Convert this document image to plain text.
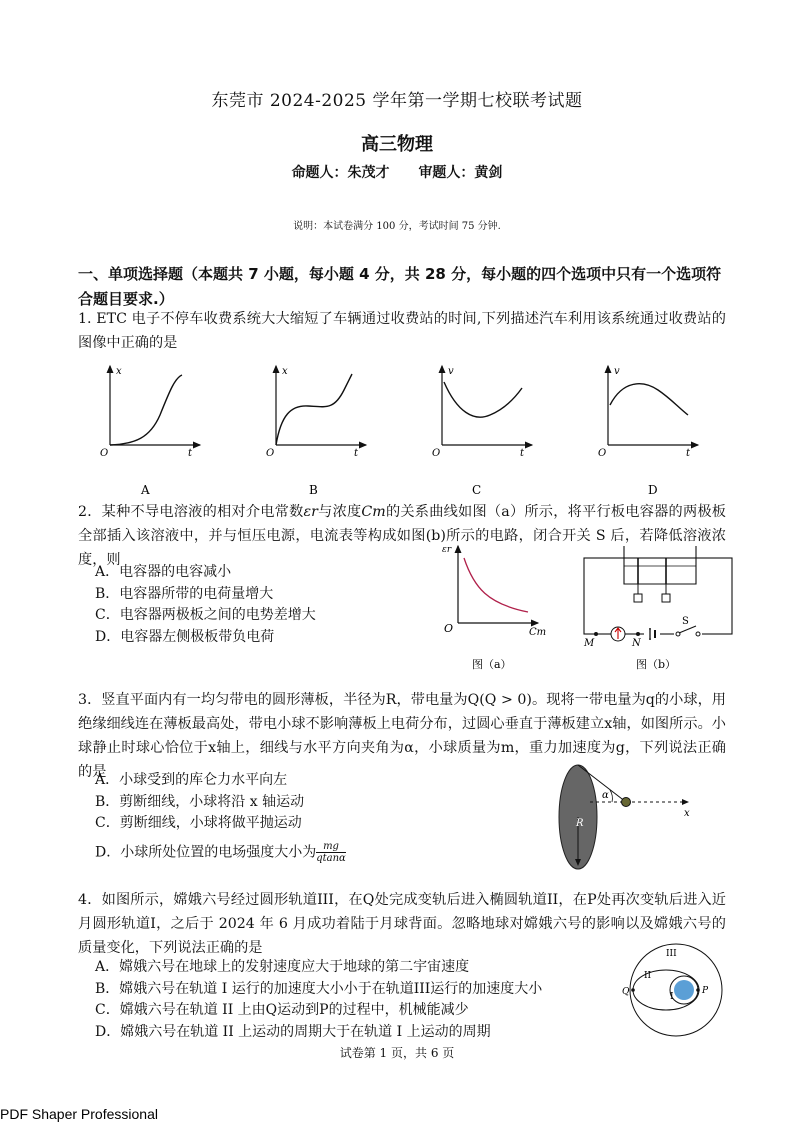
东莞市 2024-2025 学年第一学期七校联考试题
高三物理
命题人：朱茂才 审题人：黄剑
说明：本试卷满分 100 分，考试时间 75 分钟.
一、单项选择题（本题共 7 小题，每小题 4 分，共 28 分，每小题的四个选项中只有一个选项符合题目要求.）
1. ETC 电子不停车收费系统大大缩短了车辆通过收费站的时间,下列描述汽车利用该系统通过收费站的图像中正确的是
x
t
O
A
x
t
O
B
v
t
O
C
v
t
O
D
2．某种不导电溶液的相对介电常数εr与浓度Cm的关系曲线如图（a）所示，将平行板电容器的两极板全部插入该溶液中，并与恒压电源，电流表等构成如图(b)所示的电路，闭合开关 S 后，若降低溶液浓度，则
A．电容器的电容减小
B．电容器所带的电荷量增大
C．电容器两极板之间的电势差增大
D．电容器左侧极板带负电荷
εr
O	Cm
图（a）
M	N
S
图（b）
3．竖直平面内有一均匀带电的圆形薄板，半径为R，带电量为Q(Q > 0)。现将一带电量为q的小球，用绝缘细线连在薄板最高处，带电小球不影响薄板上电荷分布，过圆心垂直于薄板建立x轴，如图所示。小球静止时球心恰位于x轴上，细线与水平方向夹角为α，小球质量为m，重力加速度为g，下列说法正确的是
A．小球受到的库仑力水平向左
B．剪断细线，小球将沿 x 轴运动
C．剪断细线，小球将做平抛运动
D．小球所处位置的电场强度大小为 $\frac{mg}{qtan\alpha}$
α
R
x
4．如图所示，嫦娥六号经过圆形轨道III，在Q处完成变轨后进入椭圆轨道II，在P处再次变轨后进入近月圆形轨道I，之后于 2024 年 6 月成功着陆于月球背面。忽略地球对嫦娥六号的影响以及嫦娥六号的质量变化，下列说法正确的是
A．嫦娥六号在地球上的发射速度应大于地球的第二宇宙速度
B．嫦娥六号在轨道 I 运行的加速度大小小于在轨道III运行的加速度大小
C．嫦娥六号在轨道 II 上由Q运动到P的过程中，机械能减少
D．嫦娥六号在轨道 II 上运动的周期大于在轨道 I 上运动的周期
III
II
I
Q	P
试卷第 1 页，共 6 页
PDF Shaper Professional
